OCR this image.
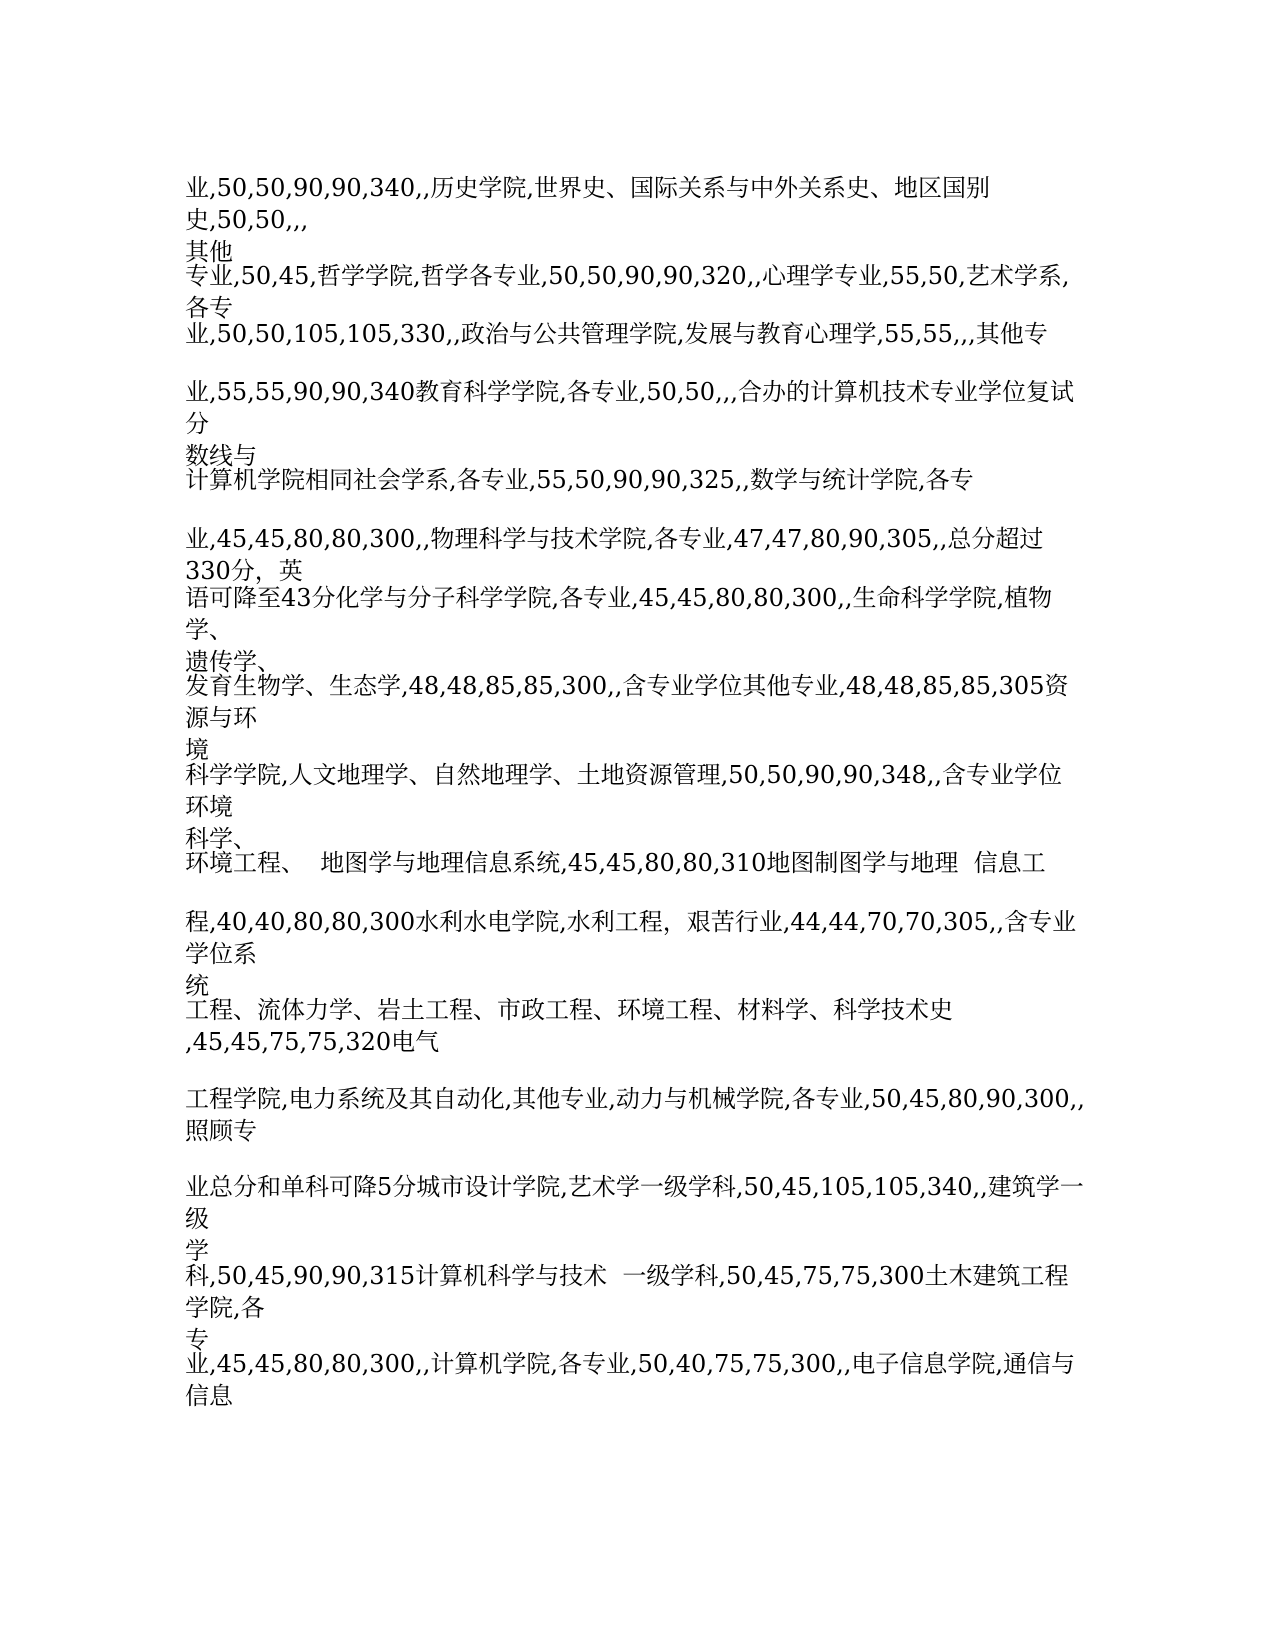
业,50,50,90,90,340,,历史学院,世界史、国际关系与中外关系史、地区国别史,50,50,,,
其他

专业,50,45,哲学学院,哲学各专业,50,50,90,90,320,,心理学专业,55,50,艺术学系,各专

业,50,50,105,105,330,,政治与公共管理学院,发展与教育心理学,55,55,,,其他专

业,55,55,90,90,340教育科学学院,各专业,50,50,,,合办的计算机技术专业学位复试分
数线与

计算机学院相同社会学系,各专业,55,50,90,90,325,,数学与统计学院,各专

业,45,45,80,80,300,,物理科学与技术学院,各专业,47,47,80,90,305,,总分超过330分，英

语可降至43分化学与分子科学学院,各专业,45,45,80,80,300,,生命科学学院,植物学、
遗传学、

发育生物学、生态学,48,48,85,85,300,,含专业学位其他专业,48,48,85,85,305资源与环
境

科学学院,人文地理学、自然地理学、土地资源管理,50,50,90,90,348,,含专业学位环境
科学、

环境工程、  地图学与地理信息系统,45,45,80,80,310地图制图学与地理  信息工

程,40,40,80,80,300水利水电学院,水利工程，艰苦行业,44,44,70,70,305,,含专业学位系
统

工程、流体力学、岩土工程、市政工程、环境工程、材料学、科学技术史
,45,45,75,75,320电气

工程学院,电力系统及其自动化,其他专业,动力与机械学院,各专业,50,45,80,90,300,,
照顾专

业总分和单科可降5分城市设计学院,艺术学一级学科,50,45,105,105,340,,建筑学一级
学

科,50,45,90,90,315计算机科学与技术  一级学科,50,45,75,75,300土木建筑工程学院,各
专

业,45,45,80,80,300,,计算机学院,各专业,50,40,75,75,300,,电子信息学院,通信与信息
